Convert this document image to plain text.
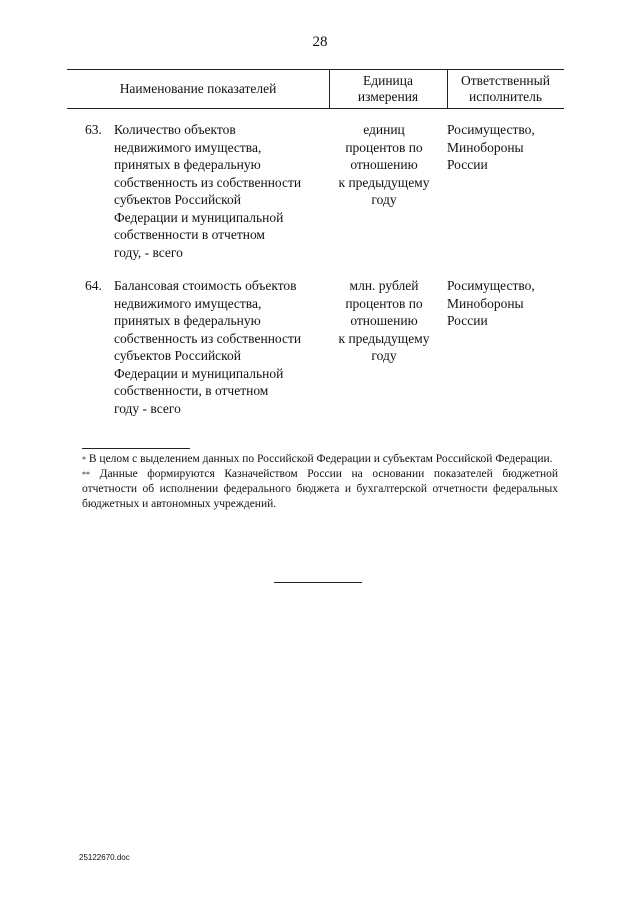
28
Наименование показателей
Единица
измерения
Ответственный
исполнитель
63. Количество объектов
недвижимого имущества,
принятых в федеральную
собственность из собственности
субъектов Российской
Федерации и муниципальной
собственности в отчетном
году, - всего
единиц
процентов по
отношению
к предыдущему
году
Росимущество,
Минобороны
России
64. Балансовая стоимость объектов
недвижимого имущества,
принятых в федеральную
собственность из собственности
субъектов Российской
Федерации и муниципальной
собственности, в отчетном
году - всего
млн. рублей
процентов по
отношению
к предыдущему
году
Росимущество,
Минобороны
России

* В целом с выделением данных по Российской Федерации и субъектам Российской Федерации.

** Данные формируются Казначейством России на основании показателей бюджетной отчетности об исполнении федерального бюджета и бухгалтерской отчетности федеральных бюджетных и автономных учреждений.

25122670.doc
